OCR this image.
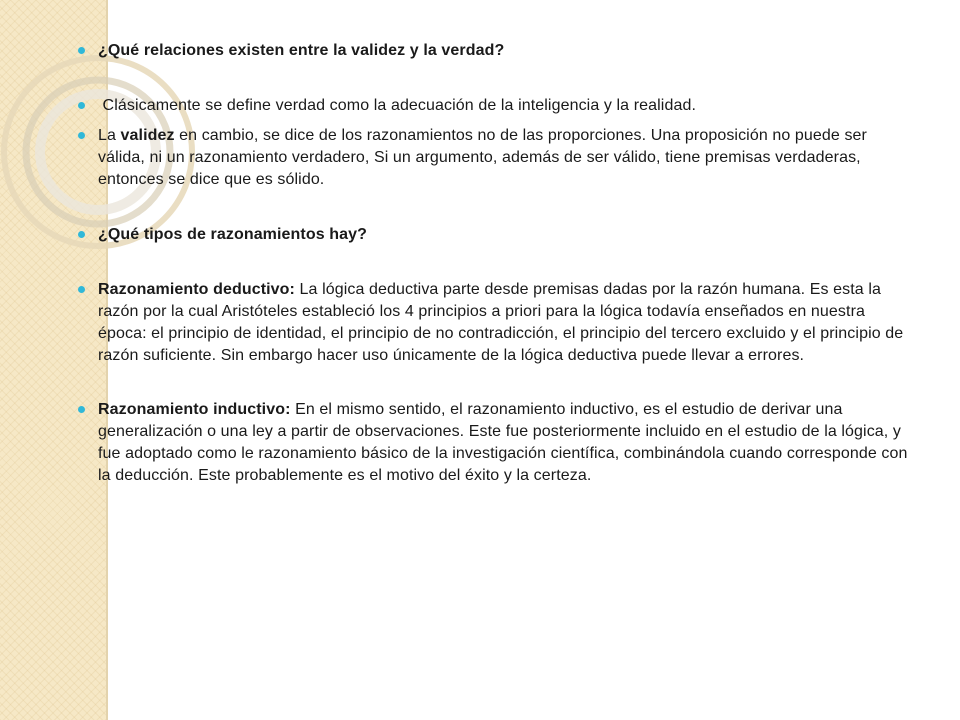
¿Qué relaciones existen entre la validez y la verdad?
Clásicamente se define verdad como la adecuación de la inteligencia y la realidad.
La validez en cambio, se dice de los razonamientos no de las proporciones. Una proposición no puede ser válida, ni un razonamiento verdadero, Si un argumento, además de ser válido, tiene premisas verdaderas, entonces se dice que es sólido.
¿Qué tipos de razonamientos hay?
Razonamiento deductivo: La lógica deductiva parte desde premisas dadas por la razón humana. Es esta la razón por la cual Aristóteles estableció los 4 principios a priori para la lógica todavía enseñados en nuestra época: el principio de identidad, el principio de no contradicción, el principio del tercero excluido y el principio de razón suficiente. Sin embargo hacer uso únicamente de la lógica deductiva puede llevar a errores.
Razonamiento inductivo: En el mismo sentido, el razonamiento inductivo, es el estudio de derivar una generalización o una ley a partir de observaciones. Este fue posteriormente incluido en el estudio de la lógica, y fue adoptado como le razonamiento básico de la investigación científica, combinándola cuando corresponde con la deducción. Este probablemente es el motivo del éxito y la certeza.
